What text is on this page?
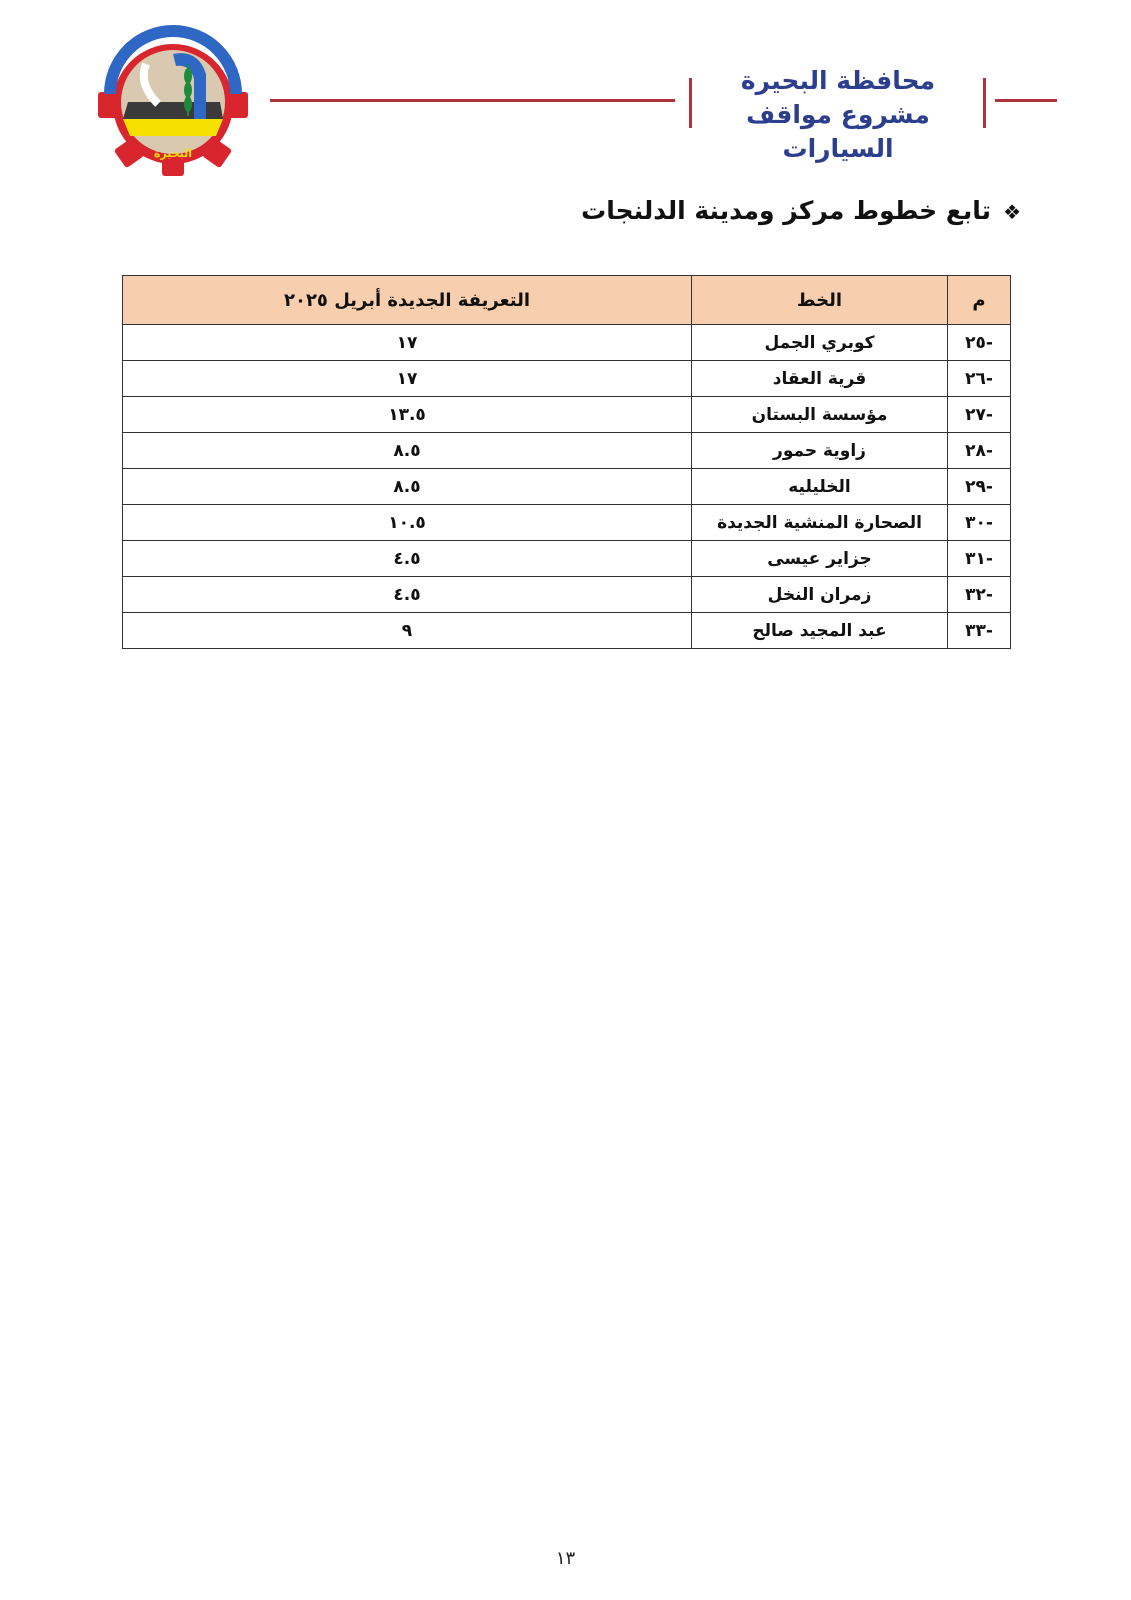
البحيرة
محافظة البحيرة
مشروع مواقف السيارات
❖تابع خطوط مركز ومدينة الدلنجات
م	الخط	التعريفة الجديدة أبريل ٢٠٢٥
-٢٥	كوبري الجمل	١٧
-٢٦	قرية العقاد	١٧
-٢٧	مؤسسة البستان	١٣.٥
-٢٨	زاوية حمور	٨.٥
-٢٩	الخليليه	٨.٥
-٣٠	الصحارة المنشية الجديدة	١٠.٥
-٣١	جزاير عيسى	٤.٥
-٣٢	زمران النخل	٤.٥
-٣٣	عبد المجيد صالح	٩
١٣
